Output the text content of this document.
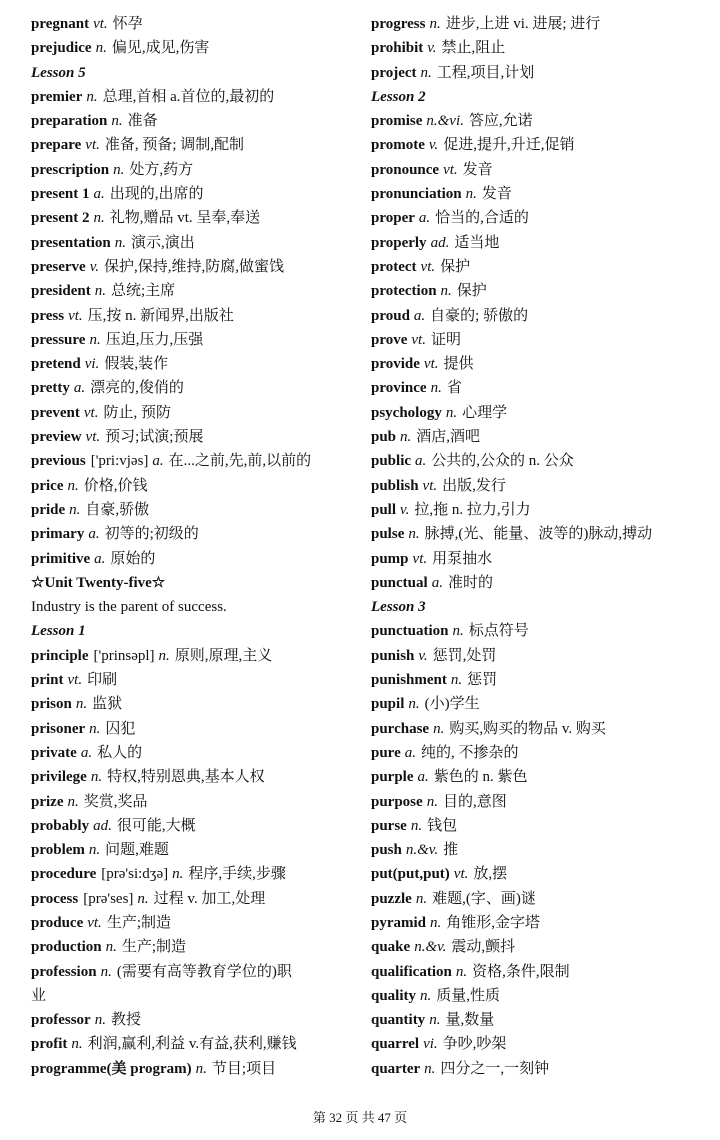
pregnant vt. 怀孕
prejudice n. 偏见,成见,伤害
Lesson 5
premier n. 总理,首相 a.首位的,最初的
preparation n. 准备
prepare vt. 准备, 预备; 调制,配制
prescription n. 处方,药方
present 1 a. 出现的,出席的
present 2 n. 礼物,赠品 vt. 呈奉,奉送
presentation n. 演示,演出
preserve v. 保护,保持,维持,防腐,做蜜饯
president n. 总统;主席
press vt. 压,按 n. 新闻界,出版社
pressure n. 压迫,压力,压强
pretend vi. 假装,装作
pretty a. 漂亮的,俊俏的
prevent vt. 防止, 预防
preview vt. 预习;试演;预展
previous ['pri:vjəs] a. 在...之前,先,前,以前的
price n. 价格,价钱
pride n. 自豪,骄傲
primary a. 初等的;初级的
primitive a. 原始的
☆Unit Twenty-five☆
Industry is the parent of success.
Lesson 1
principle ['prinsəpl] n. 原则,原理,主义
print vt. 印刷
prison n. 监狱
prisoner n. 囚犯
private a. 私人的
privilege n. 特权,特别恩典,基本人权
prize n. 奖赏,奖品
probably ad. 很可能,大概
problem n. 问题,难题
procedure [prə'si:dʒə] n. 程序,手续,步骤
process [prə'ses] n. 过程 v. 加工,处理
produce vt. 生产;制造
production n. 生产;制造
profession n. (需要有高等教育学位的)职
业
professor n. 教授
profit n. 利润,赢利,利益 v.有益,获利,赚钱
programme(美 program) n. 节目;项目
progress n. 进步,上进 vi. 进展; 进行
prohibit v. 禁止,阻止
project n. 工程,项目,计划
Lesson 2
promise n.&vi. 答应,允诺
promote v. 促进,提升,升迁,促销
pronounce vt. 发音
pronunciation n. 发音
proper a. 恰当的,合适的
properly ad. 适当地
protect vt. 保护
protection n. 保护
proud a. 自豪的; 骄傲的
prove vt. 证明
provide vt. 提供
province n. 省
psychology n. 心理学
pub n. 酒店,酒吧
public a. 公共的,公众的 n. 公众
publish vt. 出版,发行
pull v. 拉,拖 n. 拉力,引力
pulse n. 脉搏,(光、能量、波等的)脉动,搏动
pump vt. 用泵抽水
punctual a. 准时的
Lesson 3
punctuation n. 标点符号
punish v. 惩罚,处罚
punishment n. 惩罚
pupil n. (小)学生
purchase n. 购买,购买的物品 v. 购买
pure a. 纯的, 不掺杂的
purple a. 紫色的 n. 紫色
purpose n. 目的,意图
purse n. 钱包
push n.&v. 推
put(put,put) vt. 放,摆
puzzle n. 难题,(字、画)谜
pyramid n. 角锥形,金字塔
quake n.&v. 震动,颤抖
qualification n. 资格,条件,限制
quality n. 质量,性质
quantity n. 量,数量
quarrel vi. 争吵,吵架
quarter n. 四分之一,一刻钟
第 32 页 共 47 页
